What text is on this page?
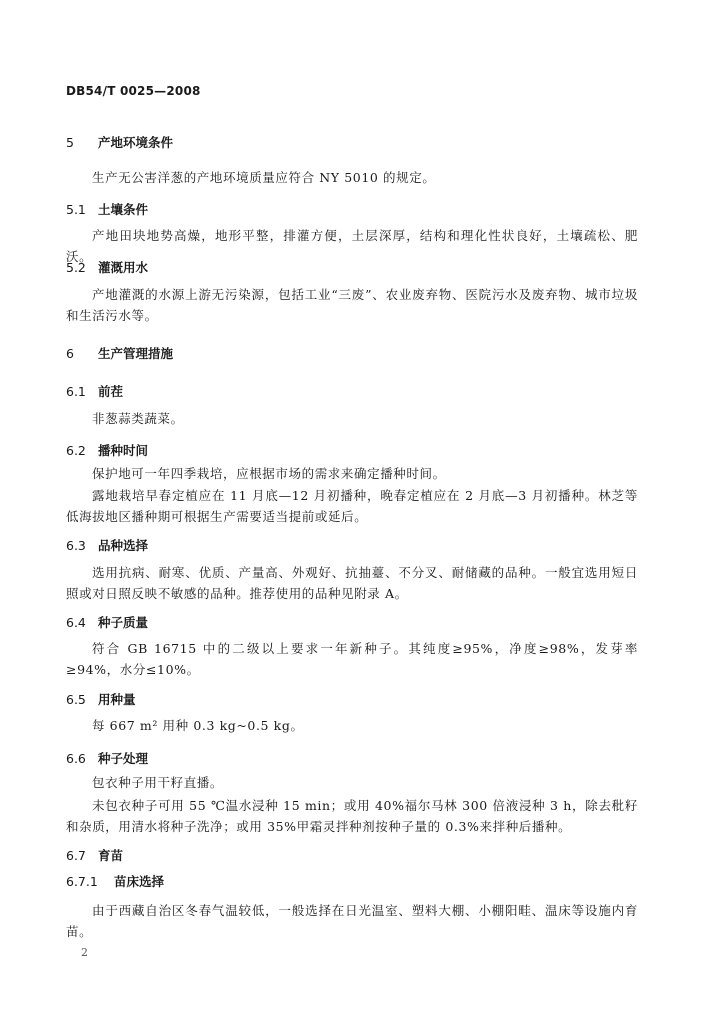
DB54/T 0025—2008
5 产地环境条件
生产无公害洋葱的产地环境质量应符合 NY 5010 的规定。
5.1 土壤条件
产地田块地势高燥，地形平整，排灌方便，土层深厚，结构和理化性状良好，土壤疏松、肥沃。
5.2 灌溉用水
产地灌溉的水源上游无污染源，包括工业“三废”、农业废弃物、医院污水及废弃物、城市垃圾和生活污水等。
6 生产管理措施
6.1 前茬
非葱蒜类蔬菜。
6.2 播种时间
保护地可一年四季栽培，应根据市场的需求来确定播种时间。
露地栽培早春定植应在 11 月底—12 月初播种，晚春定植应在 2 月底—3 月初播种。林芝等低海拔地区播种期可根据生产需要适当提前或延后。
6.3 品种选择
选用抗病、耐寒、优质、产量高、外观好、抗抽薹、不分叉、耐储藏的品种。一般宜选用短日照或对日照反映不敏感的品种。推荐使用的品种见附录 A。
6.4 种子质量
符合 GB 16715 中的二级以上要求一年新种子。其纯度≥95%，净度≥98%，发芽率≥94%，水分≤10%。
6.5 用种量
每 667 m² 用种 0.3 kg~0.5 kg。
6.6 种子处理
包衣种子用干籽直播。
未包衣种子可用 55 ℃温水浸种 15 min；或用 40%福尔马林 300 倍液浸种 3 h，除去秕籽和杂质，用清水将种子洗净；或用 35%甲霜灵拌种剂按种子量的 0.3%来拌种后播种。
6.7 育苗
6.7.1 苗床选择
由于西藏自治区冬春气温较低，一般选择在日光温室、塑料大棚、小棚阳畦、温床等设施内育苗。
2
